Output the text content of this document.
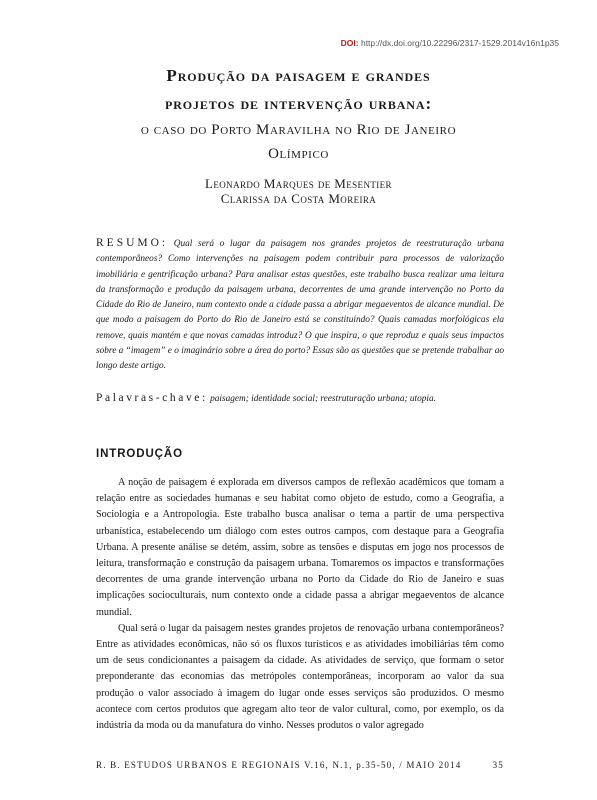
DOI: http://dx.doi.org/10.22296/2317-1529.2014v16n1p35
Produção da paisagem e grandes
projetos de intervenção urbana:
o caso do Porto Maravilha no Rio de Janeiro
Olímpico
Leonardo Marques de Mesentier
Clarissa da Costa Moreira
RESUMO: Qual será o lugar da paisagem nos grandes projetos de reestruturação urbana contemporâneos? Como intervenções na paisagem podem contribuir para processos de valorização imobiliária e gentrificação urbana? Para analisar estas questões, este trabalho busca realizar uma leitura da transformação e produção da paisagem urbana, decorrentes de uma grande intervenção no Porto da Cidade do Rio de Janeiro, num contexto onde a cidade passa a abrigar megaeventos de alcance mundial. De que modo a paisagem do Porto do Rio de Janeiro está se constituindo? Quais camadas morfológicas ela remove, quais mantém e que novas camadas introduz? O que inspira, o que reproduz e quais seus impactos sobre a “imagem” e o imaginário sobre a área do porto? Essas são as questões que se pretende trabalhar ao longo deste artigo.
Palavras-chave: paisagem; identidade social; reestruturação urbana; utopia.
INTRODUÇÃO

A noção de paisagem é explorada em diversos campos de reflexão acadêmicos que tomam a relação entre as sociedades humanas e seu habitat como objeto de estudo, como a Geografia, a Sociologia e a Antropologia. Este trabalho busca analisar o tema a partir de uma perspectiva urbanística, estabelecendo um diálogo com estes outros campos, com destaque para a Geografia Urbana. A presente análise se detém, assim, sobre as tensões e disputas em jogo nos processos de leitura, transformação e construção da paisagem urbana. Tomaremos os impactos e transformações decorrentes de uma grande intervenção urbana no Porto da Cidade do Rio de Janeiro e suas implicações socioculturais, num contexto onde a cidade passa a abrigar megaeventos de alcance mundial.

Qual será o lugar da paisagem nestes grandes projetos de renovação urbana contemporâneos? Entre as atividades econômicas, não só os fluxos turísticos e as atividades imobiliárias têm como um de seus condicionantes a paisagem da cidade. As atividades de serviço, que formam o setor preponderante das economias das metrópoles contemporâneas, incorporam ao valor da sua produção o valor associado à imagem do lugar onde esses serviços são produzidos. O mesmo acontece com certos produtos que agregam alto teor de valor cultural, como, por exemplo, os da indústria da moda ou da manufatura do vinho. Nesses produtos o valor agregado

R. B. ESTUDOS URBANOS E REGIONAIS V.16, N.1, p.35-50, / MAIO 2014	35
